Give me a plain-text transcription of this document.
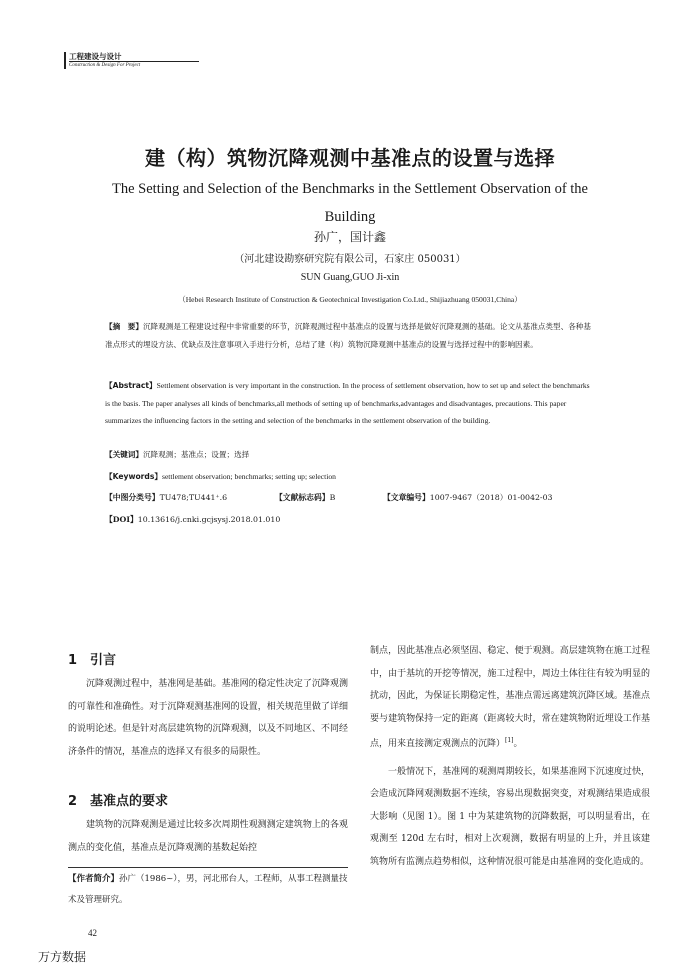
工程建设与设计
Construction & Design For Project
建（构）筑物沉降观测中基准点的设置与选择
The Setting and Selection of the Benchmarks in the Settlement Observation of the Building
孙广，国计鑫
（河北建设勘察研究院有限公司，石家庄 050031）
SUN Guang,GUO Ji-xin
（Hebei Research Institute of Construction & Geotechnical Investigation Co.Ltd., Shijiazhuang 050031,China）
【摘　要】沉降观测是工程建设过程中非常重要的环节，沉降观测过程中基准点的设置与选择是做好沉降观测的基础。论文从基准点类型、各种基准点形式的埋设方法、优缺点及注意事项入手进行分析，总结了建（构）筑物沉降观测中基准点的设置与选择过程中的影响因素。
【Abstract】Settlement observation is very important in the construction. In the process of settlement observation, how to set up and select the benchmarks is the basis. The paper analyses all kinds of benchmarks,all methods of setting up of benchmarks,advantages and disadvantages, precautions. This paper summarizes the influencing factors in the setting and selection of the benchmarks in the settlement observation of the building.
【关键词】沉降观测；基准点；设置；选择
【Keywords】settlement observation; benchmarks; setting up; selection
【中图分类号】TU478;TU441⁺.6	【文献标志码】B	【文章编号】1007-9467（2018）01-0042-03
【DOI】10.13616/j.cnki.gcjsysj.2018.01.010
1　引言
沉降观测过程中，基准网是基础。基准网的稳定性决定了沉降观测的可靠性和准确性。对于沉降观测基准网的设置，相关规范里做了详细的说明论述。但是针对高层建筑物的沉降观测，以及不同地区、不同经济条件的情况，基准点的选择又有很多的局限性。
2　基准点的要求
建筑物的沉降观测是通过比较多次周期性观测测定建筑物上的各观测点的变化值，基准点是沉降观测的基数起始控
【作者简介】孙广（1986~），男，河北邢台人，工程师，从事工程测量技术及管理研究。
42
万方数据
制点，因此基准点必须坚固、稳定、便于观测。高层建筑物在施工过程中，由于基坑的开挖等情况，施工过程中，周边土体往往有较为明显的扰动，因此，为保证长期稳定性，基准点需远离建筑沉降区域。基准点要与建筑物保持一定的距离（距离较大时，常在建筑物附近埋设工作基点，用来直接测定观测点的沉降）[1]。
一般情况下，基准网的观测周期较长，如果基准网下沉速度过快，会造成沉降网观测数据不连续，容易出现数据突变，对观测结果造成很大影响（见图 1）。图 1 中为某建筑物的沉降数据，可以明显看出，在观测至 120d 左右时，相对上次观测，数据有明显的上升，并且该建筑物所有监测点趋势相似，这种情况很可能是由基准网的变化造成的。
